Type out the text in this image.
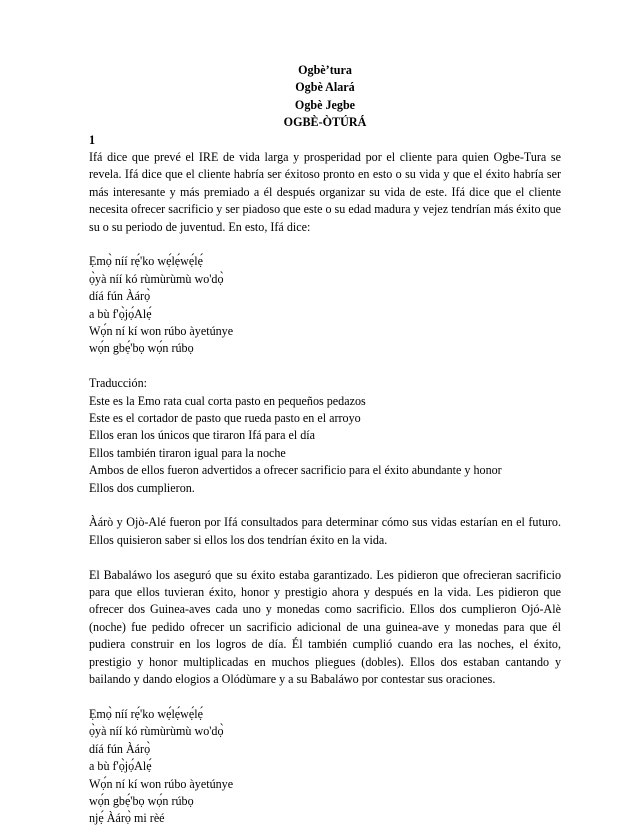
Ogbè’tura
Ogbè Alará
Ogbè Jegbe
OGBÈ-ÒTÚRÁ
1

Ifá dice que prevé el IRE de vida larga y prosperidad por el cliente para quien Ogbe-Tura se revela. Ifá dice que el cliente habría ser éxitoso pronto en esto o su vida y que el éxito habría ser más interesante y más premiado a él después organizar su vida de este. Ifá dice que el cliente necesita ofrecer sacrificio y ser piadoso que este o su edad madura y vejez tendrían más éxito que su o su periodo de juventud. En esto, Ifá dice:

Ẹmọ̀ níí rẹ́'ko wẹ́lẹ́wẹ́lẹ́
ọ̀yà níí kó rùmùrùmù wo'dọ̀
díá fún Àárọ̀
a bù f'ọ̀jọ́Alẹ́
Wọ́n ní kí won rúbo àyetúnye
wọ́n gbẹ́'bọ wọ́n rúbọ
Traducción:
Este es la Emo rata cual corta pasto en pequeños pedazos
Este es el cortador de pasto que rueda pasto en el arroyo
Ellos eran los únicos que tiraron Ifá para el día
Ellos también tiraron igual para la noche
Ambos de ellos fueron advertidos a ofrecer sacrificio para el éxito abundante y honor
Ellos dos cumplieron.

Àárò y Ojò-Alé fueron por Ifá consultados para determinar cómo sus vidas estarían en el futuro. Ellos quisieron saber si ellos los dos tendrían éxito en la vida.

El Babaláwo los aseguró que su éxito estaba garantizado. Les pidieron que ofrecieran sacrificio para que ellos tuvieran éxito, honor y prestigio ahora y después en la vida. Les pidieron que ofrecer dos Guinea-aves cada uno y monedas como sacrificio. Ellos dos cumplieron Ojó-Alè (noche) fue pedido ofrecer un sacrificio adicional de una guinea-ave y monedas para que él pudiera construir en los logros de día. Él también cumplió cuando era las noches, el éxito, prestigio y honor multiplicadas en muchos pliegues (dobles). Ellos dos estaban cantando y bailando y dando elogios a Olódùmare y a su Babaláwo por contestar sus oraciones.

Ẹmọ̀ níí rẹ́'ko wẹ́lẹ́wẹ́lẹ́
ọ̀yà níí kó rùmùrùmù wo'dọ̀
díá fún Àárọ̀
a bù f'ọ̀jọ́Alẹ́
Wọ́n ní kí won rúbo àyetúnye
wọ́n gbẹ́'bọ wọ́n rúbọ
njẹ́ Àárọ̀ mi rèé
